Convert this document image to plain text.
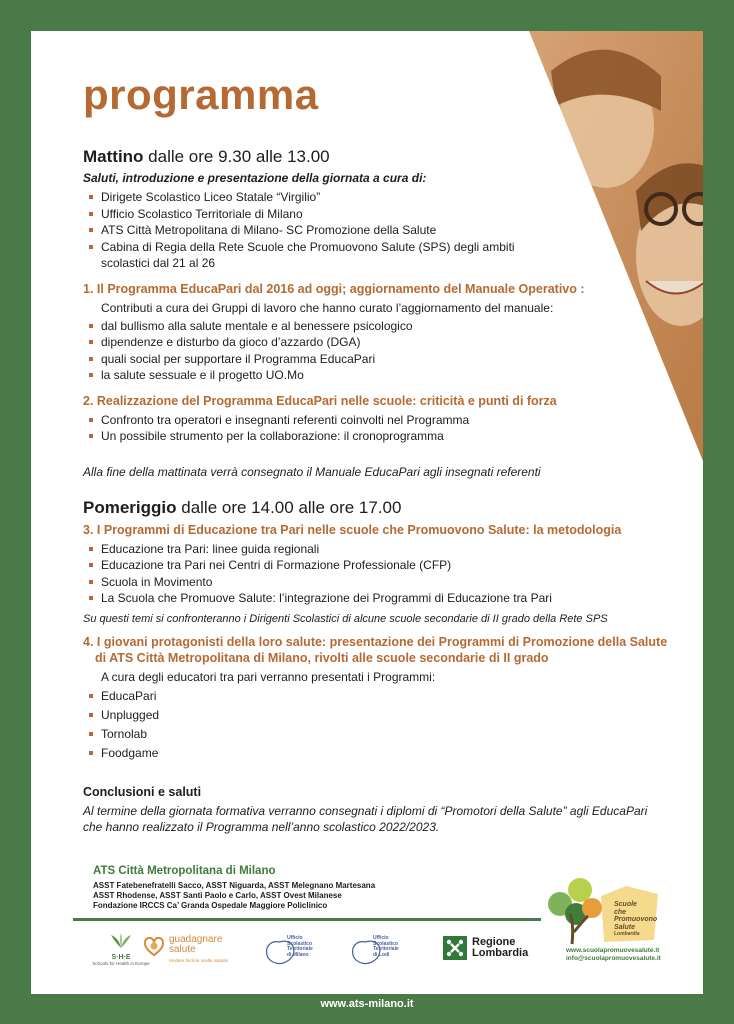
programma

Mattino dalle ore 9.30 alle 13.00

Saluti, introduzione e presentazione della giornata a cura di:

Dirigete Scolastico Liceo Statale “Virgilio”
Ufficio Scolastico Territoriale di Milano
ATS Città Metropolitana di Milano- SC Promozione della Salute
Cabina di Regia della Rete Scuole che Promuovono Salute (SPS) degli ambiti
scolastici dal 21 al 26

1. Il Programma EducaPari dal 2016 ad oggi; aggiornamento del Manuale Operativo :

Contributi a cura dei Gruppi di lavoro che hanno curato l’aggiornamento del manuale:

dal bullismo alla salute mentale e al benessere psicologico
dipendenze e disturbo da gioco d’azzardo (DGA)
quali social per supportare il Programma EducaPari
la salute sessuale e il progetto UO.Mo

2. Realizzazione del Programma EducaPari nelle scuole: criticità e punti di forza

Confronto tra operatori e insegnanti referenti coinvolti nel Programma
Un possibile strumento per la collaborazione: il cronoprogramma

Alla fine della mattinata verrà consegnato il Manuale EducaPari agli insegnati referenti

Pomeriggio dalle ore 14.00 alle ore 17.00

3. I Programmi di Educazione tra Pari nelle scuole che Promuovono Salute: la metodologia

Educazione tra Pari: linee guida regionali
Educazione tra Pari nei Centri di Formazione Professionale (CFP)
Scuola in Movimento
La Scuola che Promuove Salute: l’integrazione dei Programmi di Educazione tra Pari

Su questi temi si confronteranno i Dirigenti Scolastici di alcune scuole secondarie di II grado della Rete SPS

4. I giovani protagonisti della loro salute: presentazione dei Programmi di Promozione della Salute di ATS Città Metropolitana di Milano, rivolti alle scuole secondarie di II grado

A cura degli educatori tra pari verranno presentati i Programmi:

EducaPari
Unplugged
Tornolab
Foodgame

Conclusioni e saluti

Al termine della giornata formativa verranno consegnati i diplomi di “Promotori della Salute” agli EducaPari che hanno realizzato il Programma nell’anno scolastico 2022/2023.

ATS Città Metropolitana di Milano
ASST Fatebenefratelli Sacco, ASST Niguarda, ASST Melegnano Martesana
ASST Rhodense, ASST Santi Paolo e Carlo, ASST Ovest Milanese
Fondazione IRCCS Ca’ Granda Ospedale Maggiore Policlinico
S·H·E
Schools for Health in Europe
guadagnare
salute
rendere facili le scelte salutari
Ufficio
Scolastico
Territoriale
di Milano
Ufficio
Scolastico
Territoriale
di Lodi
Regione
Lombardia
Scuole
che
Promuovono
Salute
Lombardia
www.scuolapromuovesalute.it
info@scuolapromuovesalute.it
www.ats-milano.it
